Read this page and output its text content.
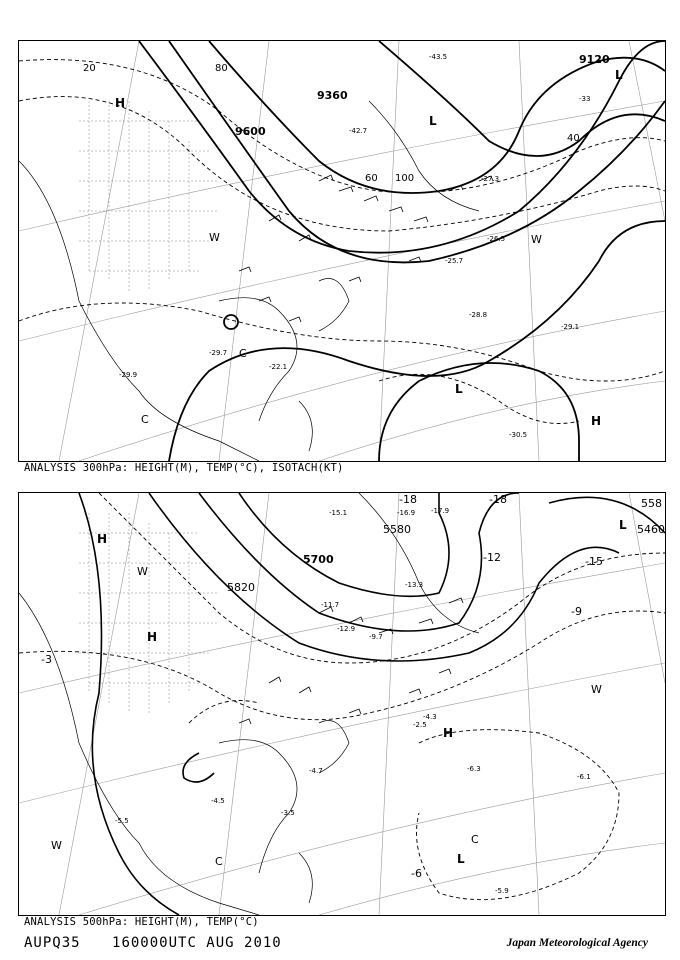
9120
9360
9600
20
40
60
80
100
H
L
L
H
L
C
C
W
W
-43.5
-42.7
-33
-27.3
-26.5
-25.7
-28.8
-29.1
-30.5
-29.7
-29.9
-22.1
ANALYSIS 300hPa: HEIGHT(M), TEMP(°C), ISOTACH(KT)
5460
5580
5700
5820
558
-18
-15
-12
-9
-6
-3
-18
H
H
H
L
L
C
C
W
W
W
-15.1	-16.9 -17.9
-13.3
-11.7
-12.9
-9.7
-4.3
-6.3
-6.1
-5.9
-5.5
-4.5
-4.7
-3.5
-2.5
ANALYSIS 500hPa: HEIGHT(M), TEMP(°C)
AUPQ35 160000UTC AUG 2010	Japan Meteorological Agency
